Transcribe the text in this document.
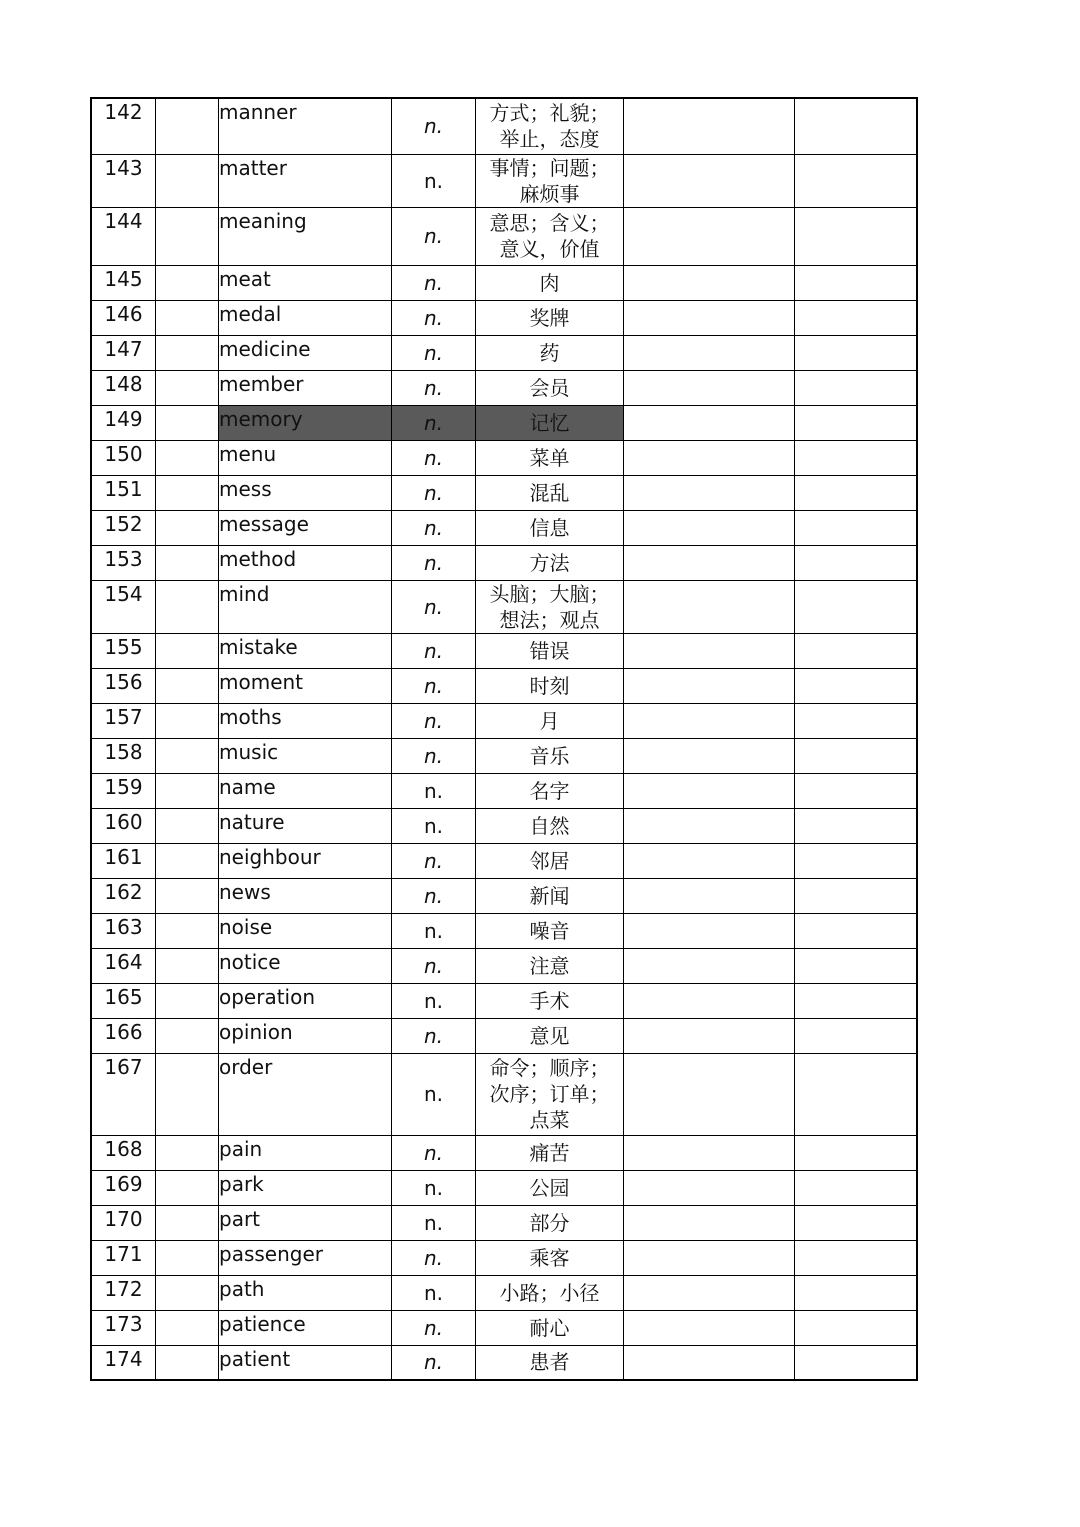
142		manner	n.	方式；礼貌；
举止，态度		
143		matter	n.	事情；问题；
麻烦事		
144		meaning	n.	意思；含义；
意义，价值		
145		meat	n.	肉		
146		medal	n.	奖牌		
147		medicine	n.	药		
148		member	n.	会员		
149		memory	n.	记忆		
150		menu	n.	菜单		
151		mess	n.	混乱		
152		message	n.	信息		
153		method	n.	方法		
154		mind	n.	头脑；大脑；
想法；观点		
155		mistake	n.	错误		
156		moment	n.	时刻		
157		moths	n.	月		
158		music	n.	音乐		
159		name	n.	名字		
160		nature	n.	自然		
161		neighbour	n.	邻居		
162		news	n.	新闻		
163		noise	n.	噪音		
164		notice	n.	注意		
165		operation	n.	手术		
166		opinion	n.	意见		
167		order	n.	命令；顺序；
次序；订单；
点菜		
168		pain	n.	痛苦		
169		park	n.	公园		
170		part	n.	部分		
171		passenger	n.	乘客		
172		path	n.	小路；小径		
173		patience	n.	耐心		
174		patient	n.	患者		
